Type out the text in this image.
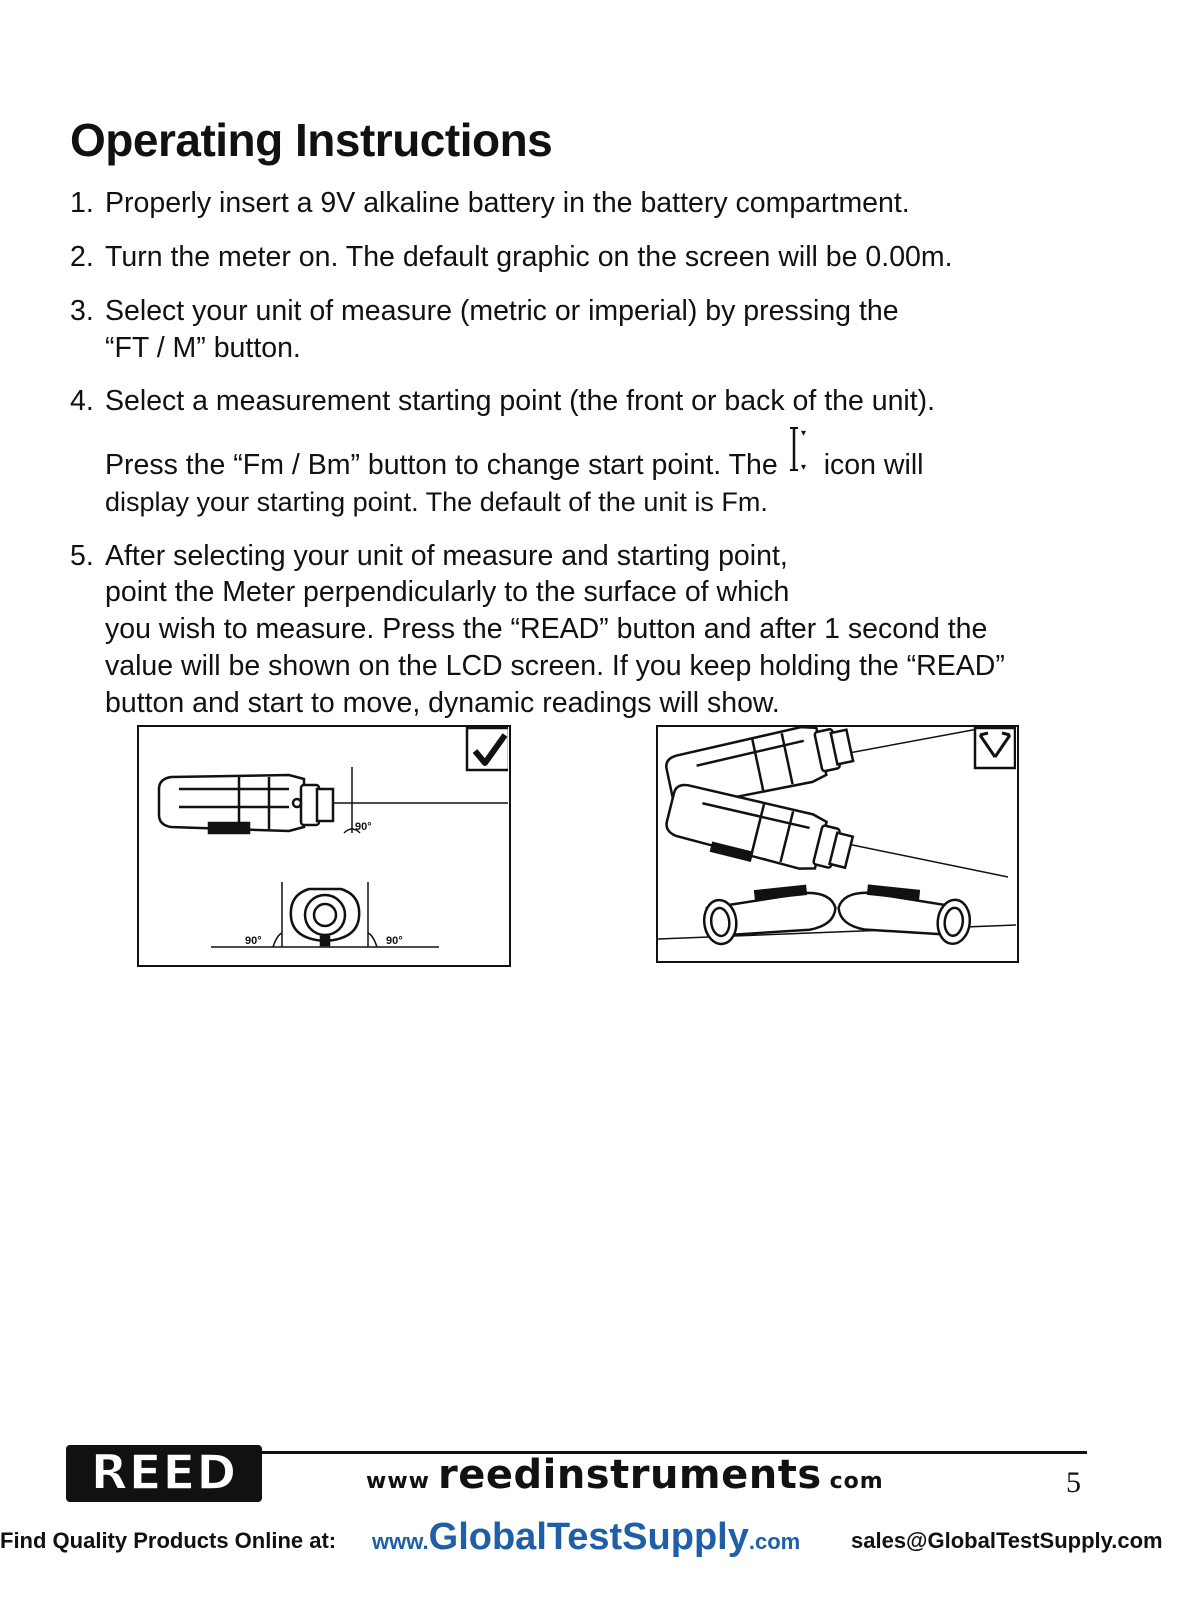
Operating Instructions
1. Properly insert a 9V alkaline battery in the battery compartment.
2. Turn the meter on. The default graphic on the screen will be 0.00m.
3. Select your unit of measure (metric or imperial) by pressing the
“FT / M” button.
4. Select a measurement starting point (the front or back of the unit).
Press the “Fm / Bm” button to change start point. The
▾
▾ icon will
display your starting point. The default of the unit is Fm.
5. After selecting your unit of measure and starting point,
point the Meter perpendicularly to the surface of which
you wish to measure. Press the “READ” button and after 1 second the
value will be shown on the LCD screen. If you keep holding the “READ”
button and start to move, dynamic readings will show.
90°
90°	90°
REED	www reedinstruments com	5
Find Quality Products Online at: www.GlobalTestSupply.com sales@GlobalTestSupply.com
